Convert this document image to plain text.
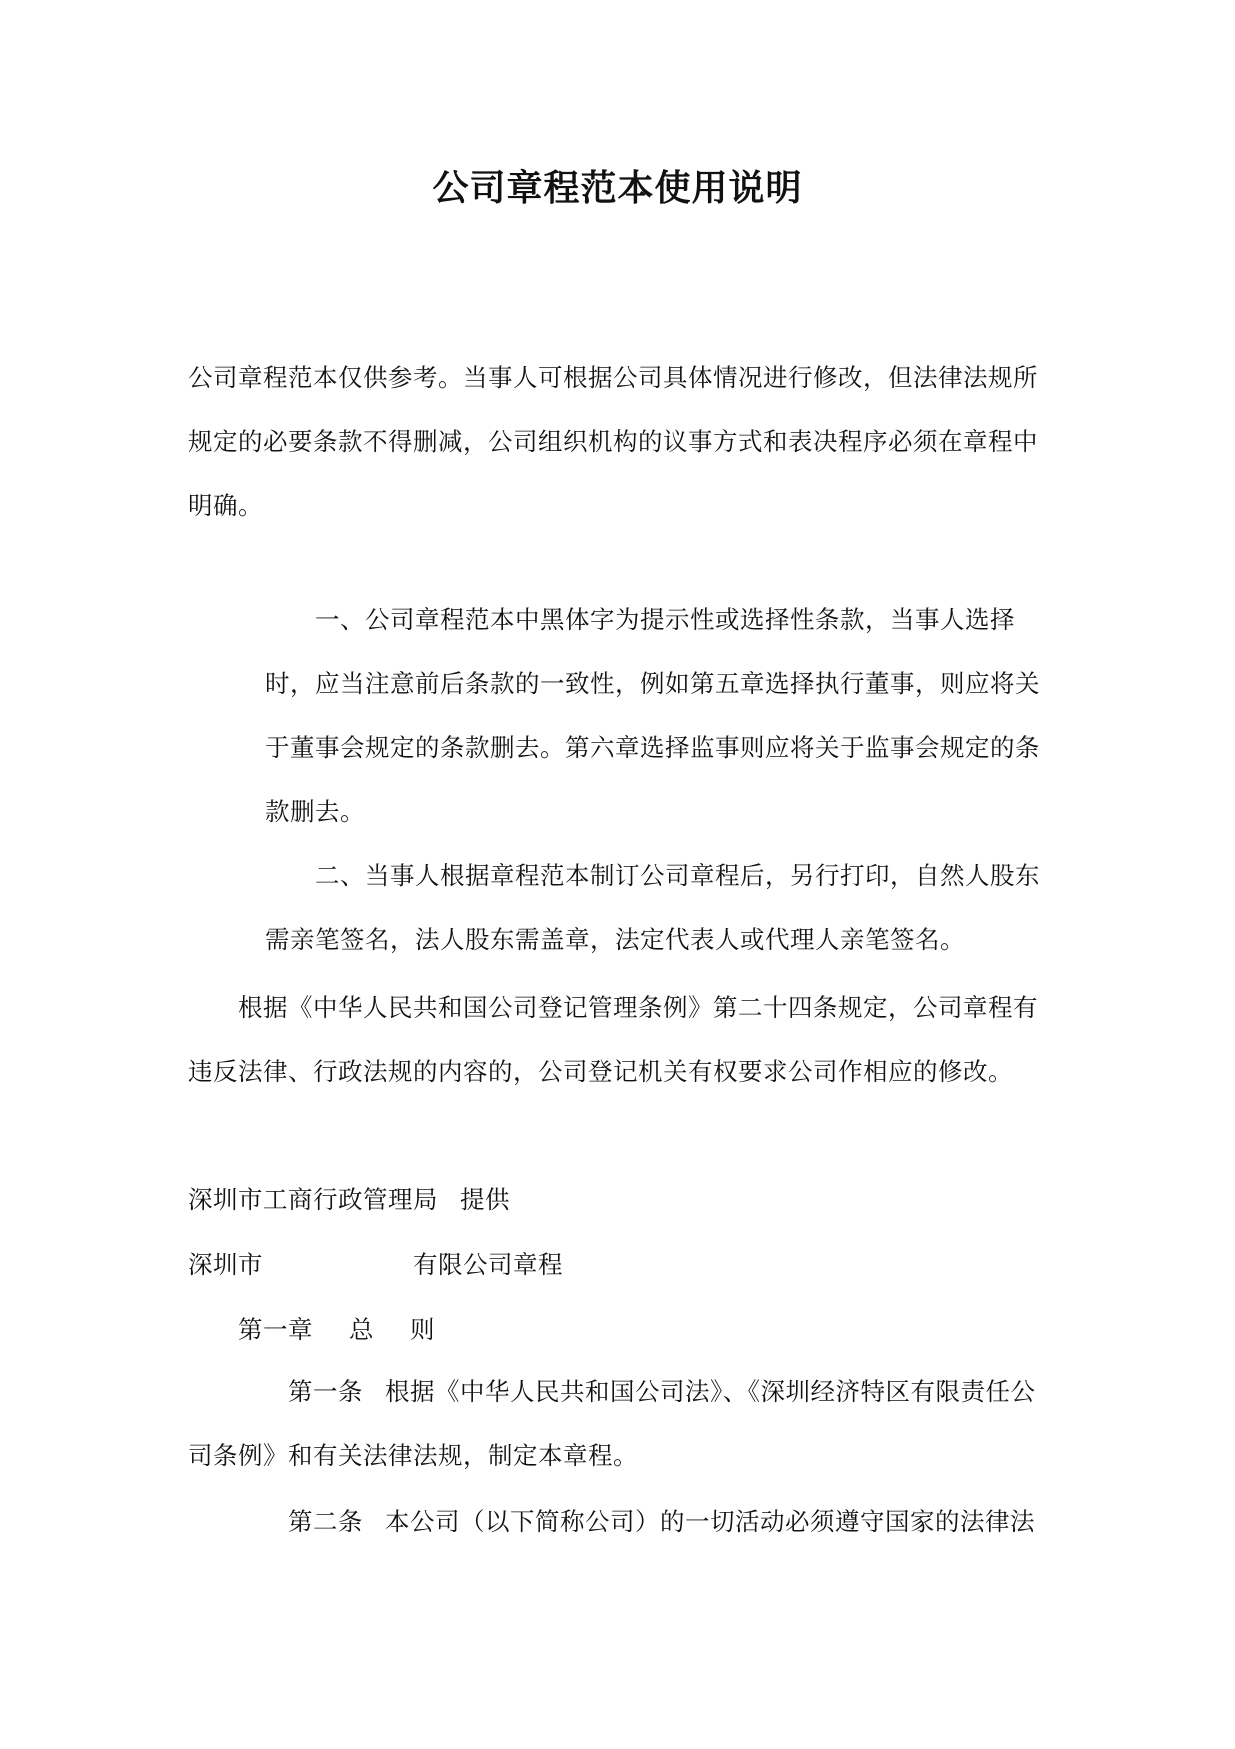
公司章程范本使用说明

公司章程范本仅供参考。当事人可根据公司具体情况进行修改，但法律法规所规定的必要条款不得删减，公司组织机构的议事方式和表决程序必须在章程中明确。

一、公司章程范本中黑体字为提示性或选择性条款，当事人选择时，应当注意前后条款的一致性，例如第五章选择执行董事，则应将关于董事会规定的条款删去。第六章选择监事则应将关于监事会规定的条款删去。

二、当事人根据章程范本制订公司章程后，另行打印，自然人股东需亲笔签名，法人股东需盖章，法定代表人或代理人亲笔签名。

根据《中华人民共和国公司登记管理条例》第二十四条规定，公司章程有违反法律、行政法规的内容的，公司登记机关有权要求公司作相应的修改。

深圳市工商行政管理局 提供

深圳市	有限公司章程

第一章 总 则

第一条 根据《中华人民共和国公司法》、《深圳经济特区有限责任公司条例》和有关法律法规，制定本章程。

第二条 本公司（以下简称公司）的一切活动必须遵守国家的法律法
